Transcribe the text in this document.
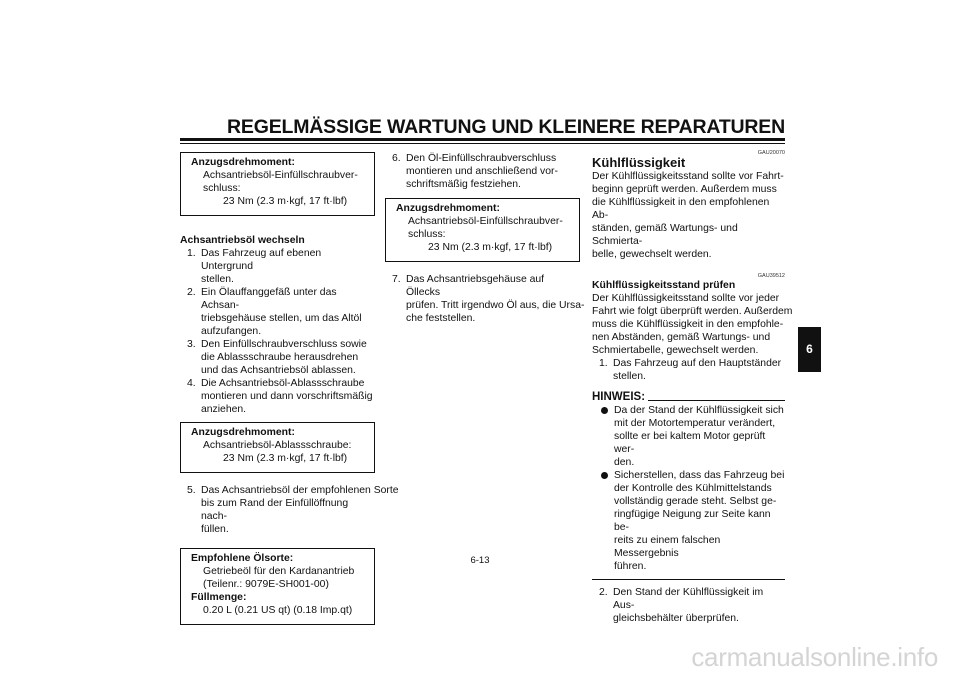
REGELMÄSSIGE WARTUNG UND KLEINERE REPARATUREN
Anzugsdrehmoment:
Achsantriebsöl-Einfüllschraubver-
schluss:
23 Nm (2.3 m·kgf, 17 ft·lbf)
Achsantriebsöl wechseln
1. Das Fahrzeug auf ebenen Untergrund
stellen.
2. Ein Ölauffanggefäß unter das Achsan-
triebsgehäuse stellen, um das Altöl
aufzufangen.
3. Den Einfüllschraubverschluss sowie
die Ablassschraube herausdrehen
und das Achsantriebsöl ablassen.
4. Die Achsantriebsöl-Ablassschraube
montieren und dann vorschriftsmäßig
anziehen.
Anzugsdrehmoment:
Achsantriebsöl-Ablassschraube:
23 Nm (2.3 m·kgf, 17 ft·lbf)
5. Das Achsantriebsöl der empfohlenen Sorte
bis zum Rand der Einfüllöffnung nach-
füllen.
Empfohlene Ölsorte:
Getriebeöl für den Kardanantrieb
(Teilenr.: 9079E-SH001-00)
Füllmenge:
0.20 L (0.21 US qt) (0.18 Imp.qt)
6. Den Öl-Einfüllschraubverschluss
montieren und anschließend vor-
schriftsmäßig festziehen.
Anzugsdrehmoment:
Achsantriebsöl-Einfüllschraubver-
schluss:
23 Nm (2.3 m·kgf, 17 ft·lbf)
7. Das Achsantriebsgehäuse auf Öllecks
prüfen. Tritt irgendwo Öl aus, die Ursa-
che feststellen.
GAU20070
Kühlflüssigkeit
Der Kühlflüssigkeitsstand sollte vor Fahrt-
beginn geprüft werden. Außerdem muss
die Kühlflüssigkeit in den empfohlenen Ab-
ständen, gemäß Wartungs- und Schmierta-
belle, gewechselt werden.
GAU39512
Kühlflüssigkeitsstand prüfen
Der Kühlflüssigkeitsstand sollte vor jeder
Fahrt wie folgt überprüft werden. Außerdem
muss die Kühlflüssigkeit in den empfohle-
nen Abständen, gemäß Wartungs- und
Schmiertabelle, gewechselt werden.
1. Das Fahrzeug auf den Hauptständer
stellen.
HINWEIS:
Da der Stand der Kühlflüssigkeit sich
mit der Motortemperatur verändert,
sollte er bei kaltem Motor geprüft wer-
den.
Sicherstellen, dass das Fahrzeug bei
der Kontrolle des Kühlmittelstands
vollständig gerade steht. Selbst ge-
ringfügige Neigung zur Seite kann be-
reits zu einem falschen Messergebnis
führen.
2. Den Stand der Kühlflüssigkeit im Aus-
gleichsbehälter überprüfen.
6
6-13
carmanualsonline.info
